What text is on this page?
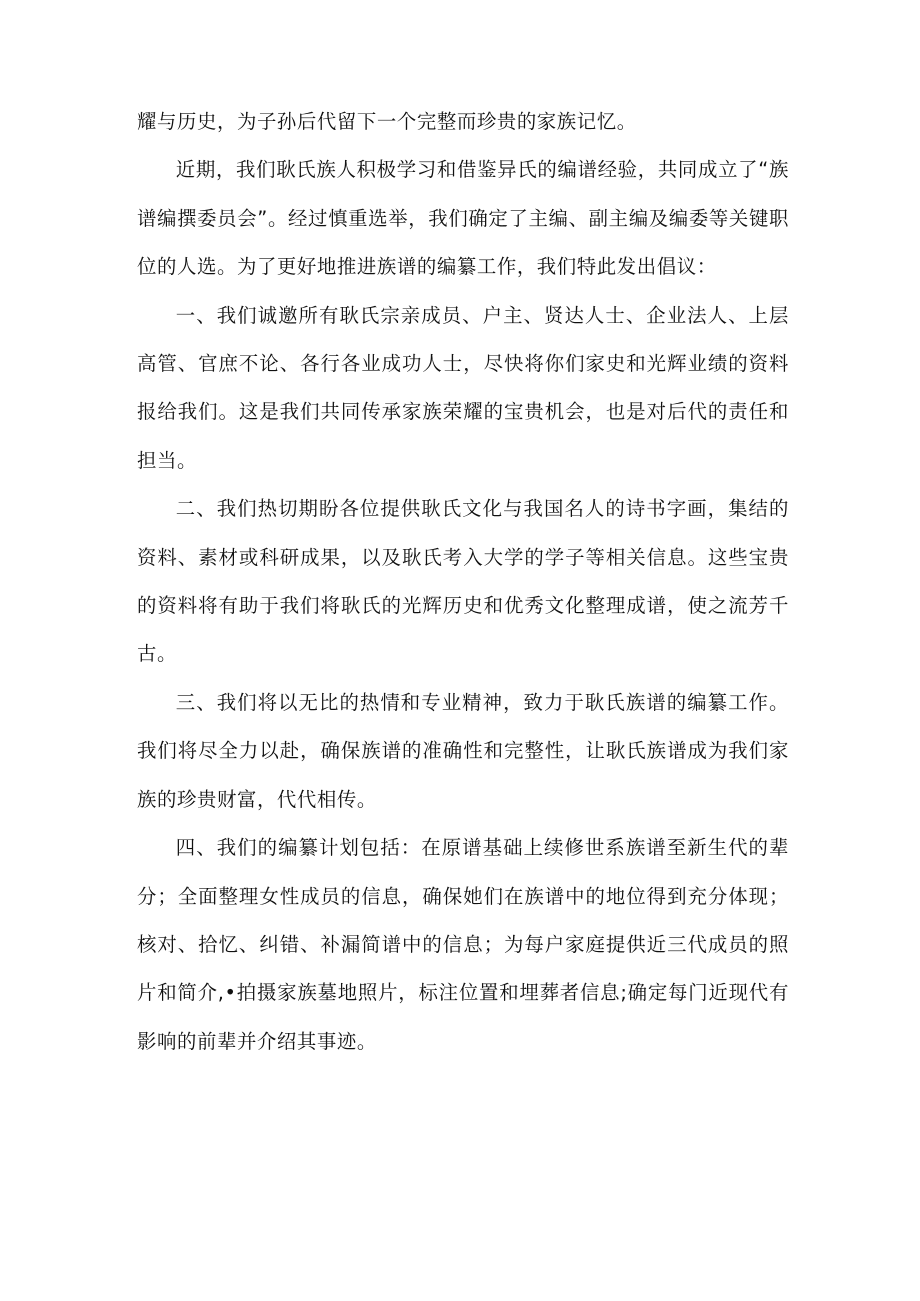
耀与历史，为子孙后代留下一个完整而珍贵的家族记忆。

近期，我们耿氏族人积极学习和借鉴异氏的编谱经验，共同成立了“族谱编撰委员会”。经过慎重选举，我们确定了主编、副主编及编委等关键职位的人选。为了更好地推进族谱的编纂工作，我们特此发出倡议：

一、我们诚邀所有耿氏宗亲成员、户主、贤达人士、企业法人、上层高管、官庶不论、各行各业成功人士，尽快将你们家史和光辉业绩的资料报给我们。这是我们共同传承家族荣耀的宝贵机会，也是对后代的责任和担当。

二、我们热切期盼各位提供耿氏文化与我国名人的诗书字画，集结的资料、素材或科研成果，以及耿氏考入大学的学子等相关信息。这些宝贵的资料将有助于我们将耿氏的光辉历史和优秀文化整理成谱，使之流芳千古。

三、我们将以无比的热情和专业精神，致力于耿氏族谱的编纂工作。我们将尽全力以赴，确保族谱的准确性和完整性，让耿氏族谱成为我们家族的珍贵财富，代代相传。

四、我们的编纂计划包括：在原谱基础上续修世系族谱至新生代的辈分；全面整理女性成员的信息，确保她们在族谱中的地位得到充分体现；核对、拾忆、纠错、补漏简谱中的信息；为每户家庭提供近三代成员的照片和简介,•拍摄家族墓地照片，标注位置和埋葬者信息;确定每门近现代有影响的前辈并介绍其事迹。
